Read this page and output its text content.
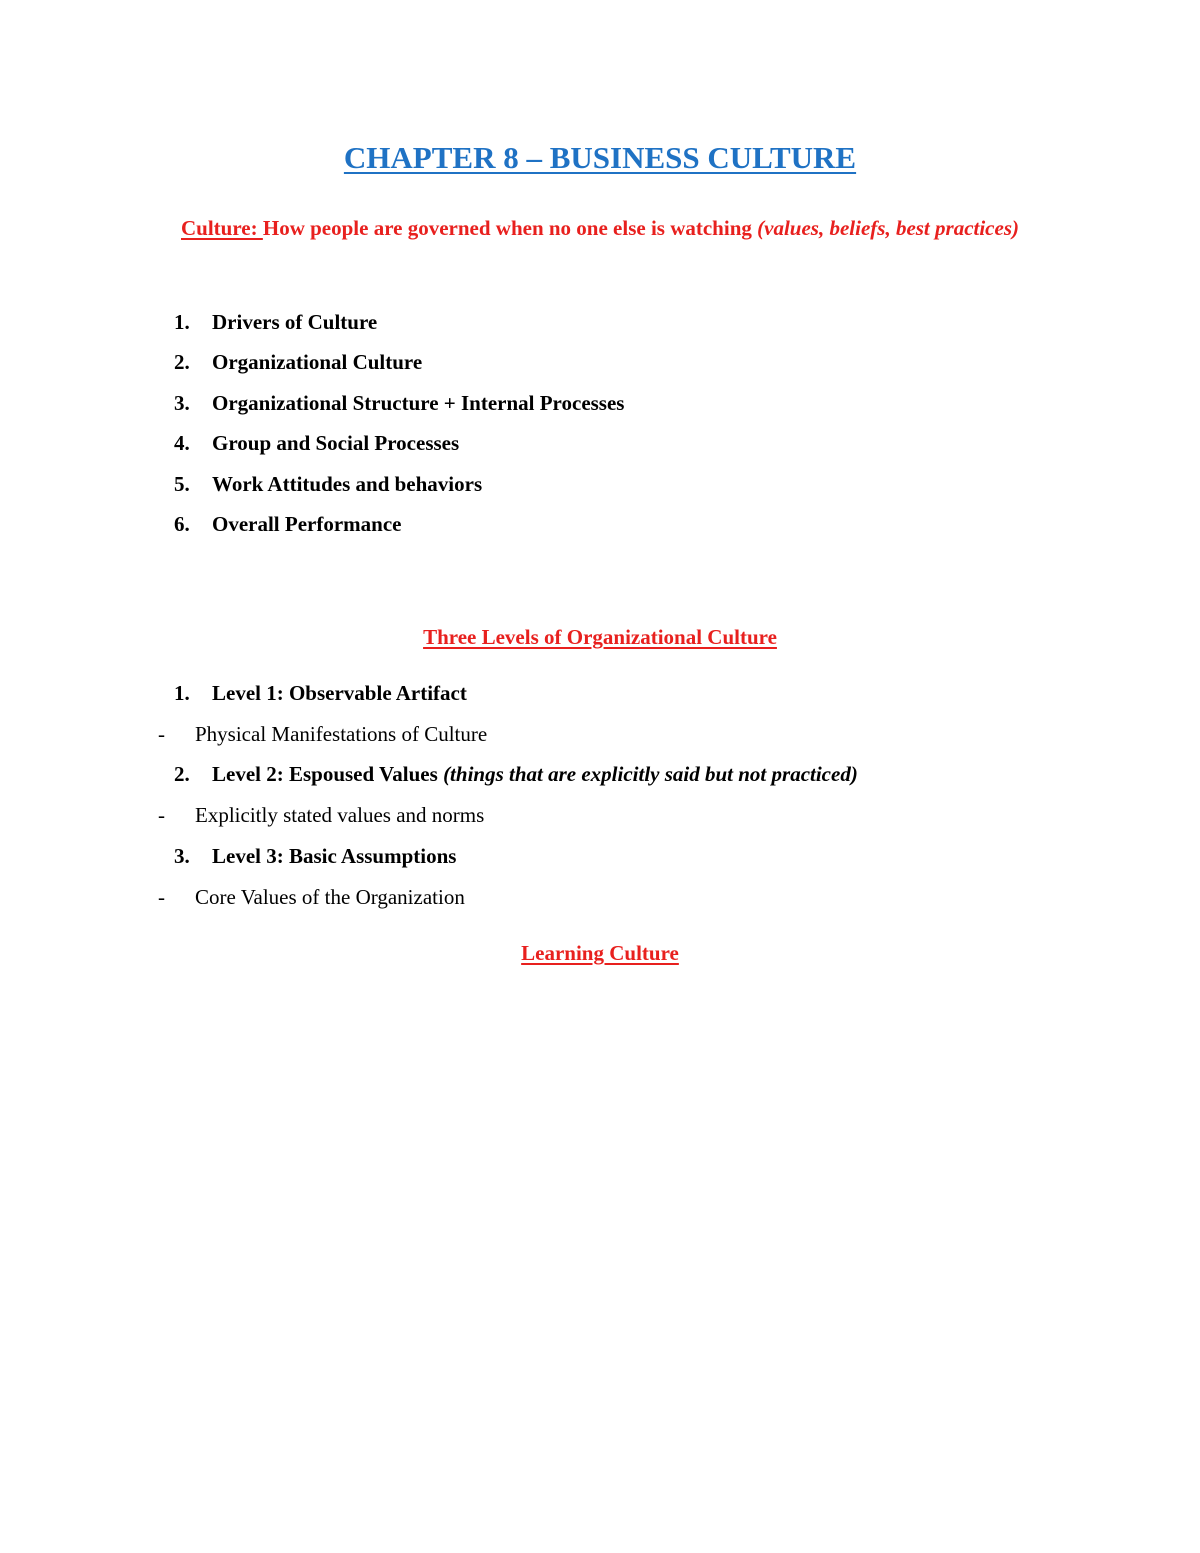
CHAPTER 8 – BUSINESS CULTURE
Culture: How people are governed when no one else is watching (values, beliefs, best practices)
1. Drivers of Culture
2. Organizational Culture
3. Organizational Structure + Internal Processes
4. Group and Social Processes
5. Work Attitudes and behaviors
6. Overall Performance
Three Levels of Organizational Culture
1. Level 1: Observable Artifact
- Physical Manifestations of Culture
2. Level 2: Espoused Values (things that are explicitly said but not practiced)
- Explicitly stated values and norms
3. Level 3: Basic Assumptions
- Core Values of the Organization
Learning Culture
